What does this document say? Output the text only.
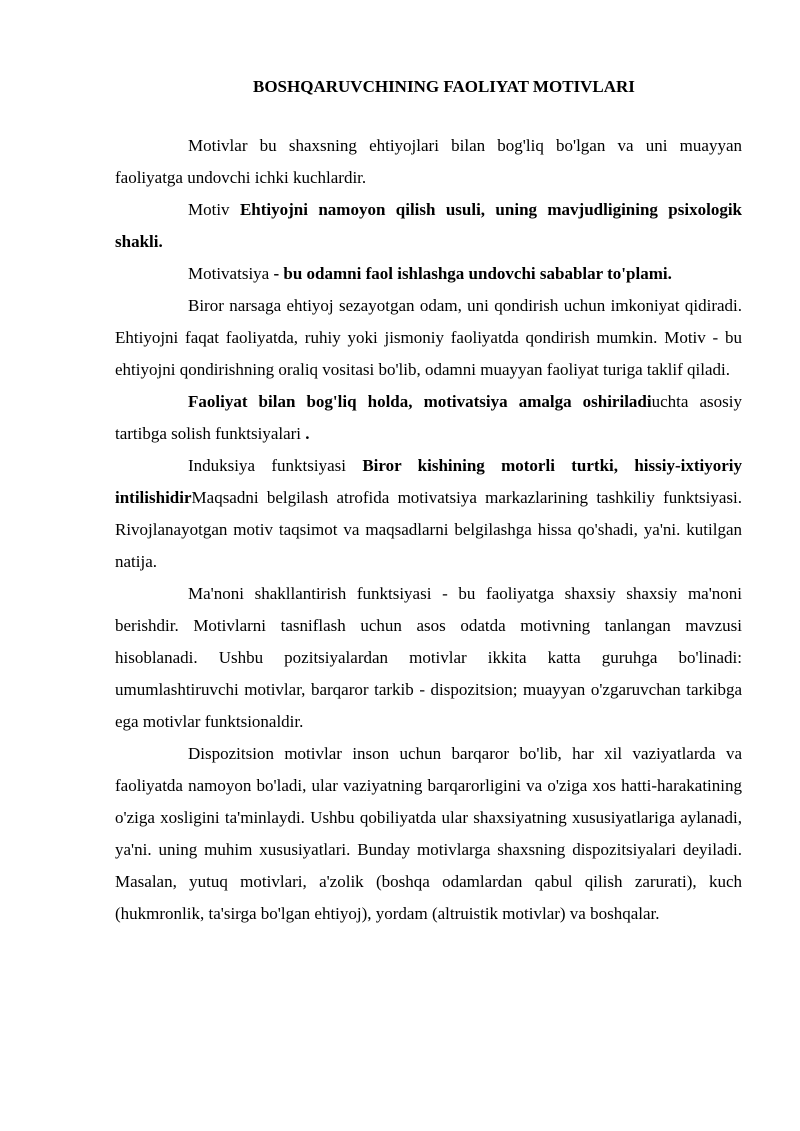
BOSHQARUVCHINING FAOLIYAT MOTIVLARI

Motivlar bu shaxsning ehtiyojlari bilan bog'liq bo'lgan va uni muayyan faoliyatga undovchi ichki kuchlardir.

Motiv Ehtiyojni namoyon qilish usuli, uning mavjudligining psixologik shakli.

Motivatsiya - bu odamni faol ishlashga undovchi sabablar to'plami.

Biror narsaga ehtiyoj sezayotgan odam, uni qondirish uchun imkoniyat qidiradi. Ehtiyojni faqat faoliyatda, ruhiy yoki jismoniy faoliyatda qondirish mumkin. Motiv - bu ehtiyojni qondirishning oraliq vositasi bo'lib, odamni muayyan faoliyat turiga taklif qiladi.

Faoliyat bilan bog'liq holda, motivatsiya amalga oshiriladiuchta asosiy tartibga solish funktsiyalari .

Induksiya funktsiyasi Biror kishining motorli turtki, hissiy-ixtiyoriy intilishidirMaqsadni belgilash atrofida motivatsiya markazlarining tashkiliy funktsiyasi. Rivojlanayotgan motiv taqsimot va maqsadlarni belgilashga hissa qo'shadi, ya'ni. kutilgan natija.

Ma'noni shakllantirish funktsiyasi - bu faoliyatga shaxsiy shaxsiy ma'noni berishdir. Motivlarni tasniflash uchun asos odatda motivning tanlangan mavzusi hisoblanadi. Ushbu pozitsiyalardan motivlar ikkita katta guruhga bo'linadi: umumlashtiruvchi motivlar, barqaror tarkib - dispozitsion; muayyan o'zgaruvchan tarkibga ega motivlar funktsionaldir.

Dispozitsion motivlar inson uchun barqaror bo'lib, har xil vaziyatlarda va faoliyatda namoyon bo'ladi, ular vaziyatning barqarorligini va o'ziga xos hatti-harakatining o'ziga xosligini ta'minlaydi. Ushbu qobiliyatda ular shaxsiyatning xususiyatlariga aylanadi, ya'ni. uning muhim xususiyatlari. Bunday motivlarga shaxsning dispozitsiyalari deyiladi. Masalan, yutuq motivlari, a'zolik (boshqa odamlardan qabul qilish zarurati), kuch (hukmronlik, ta'sirga bo'lgan ehtiyoj), yordam (altruistik motivlar) va boshqalar.
